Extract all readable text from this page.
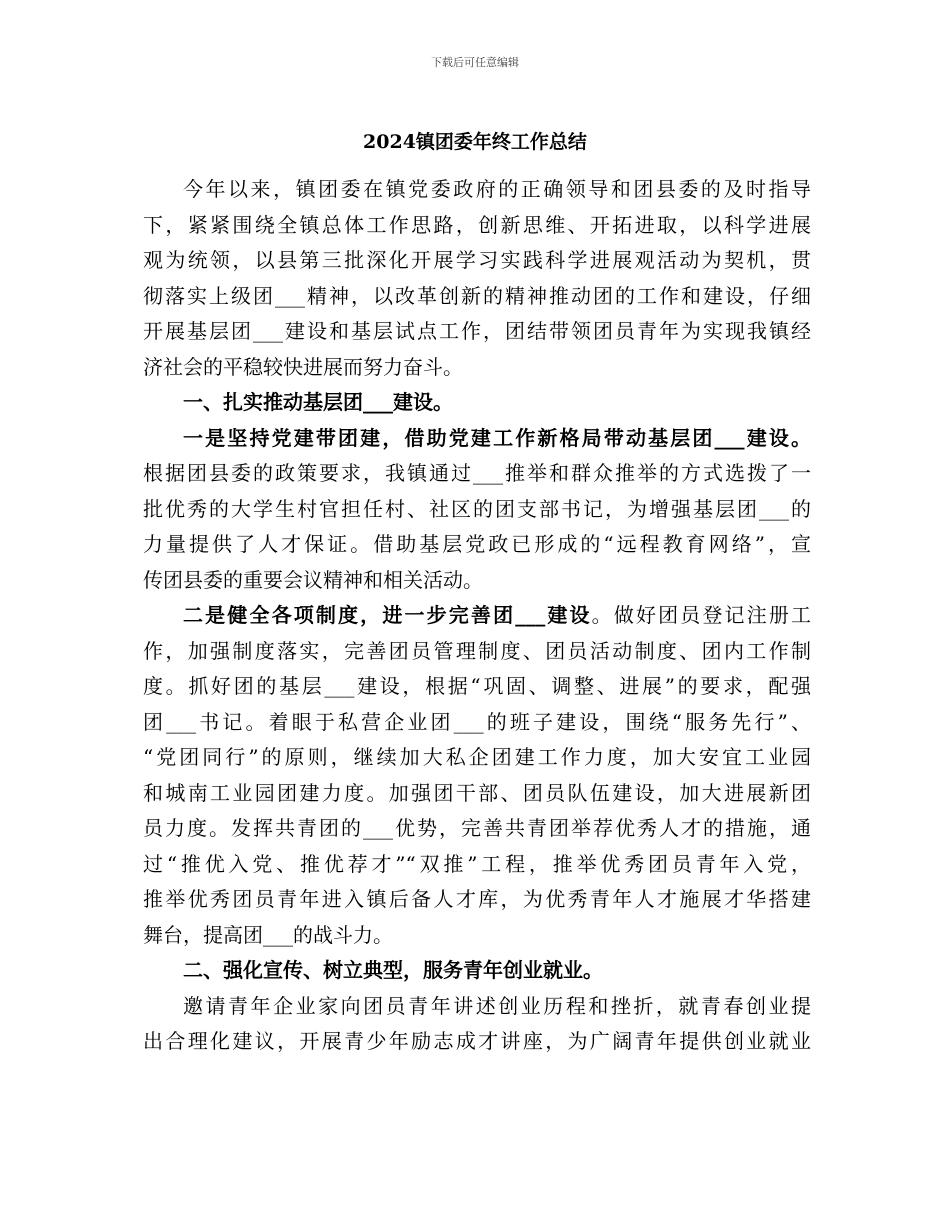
下载后可任意编辑
2024镇团委年终工作总结
今年以来，镇团委在镇党委政府的正确领导和团县委的及时指导
下，紧紧围绕全镇总体工作思路，创新思维、开拓进取，以科学进展
观为统领，以县第三批深化开展学习实践科学进展观活动为契机，贯
彻落实上级团___精神，以改革创新的精神推动团的工作和建设，仔细
开展基层团___建设和基层试点工作，团结带领团员青年为实现我镇经
济社会的平稳较快进展而努力奋斗。
一、扎实推动基层团___建设。
一是坚持党建带团建，借助党建工作新格局带动基层团___建设。
根据团县委的政策要求，我镇通过___推举和群众推举的方式选拨了一
批优秀的大学生村官担任村、社区的团支部书记，为增强基层团___的
力量提供了人才保证。借助基层党政已形成的“远程教育网络”，宣
传团县委的重要会议精神和相关活动。
二是健全各项制度，进一步完善团___建设。做好团员登记注册工
作，加强制度落实，完善团员管理制度、团员活动制度、团内工作制
度。抓好团的基层___建设，根据“巩固、调整、进展”的要求，配强
团___书记。着眼于私营企业团___的班子建设，围绕“服务先行”、
“党团同行”的原则，继续加大私企团建工作力度，加大安宜工业园
和城南工业园团建力度。加强团干部、团员队伍建设，加大进展新团
员力度。发挥共青团的___优势，完善共青团举荐优秀人才的措施，通
过“推优入党、推优荐才”“双推”工程，推举优秀团员青年入党，
推举优秀团员青年进入镇后备人才库，为优秀青年人才施展才华搭建
舞台，提高团___的战斗力。
二、强化宣传、树立典型，服务青年创业就业。
邀请青年企业家向团员青年讲述创业历程和挫折，就青春创业提
出合理化建议，开展青少年励志成才讲座，为广阔青年提供创业就业
